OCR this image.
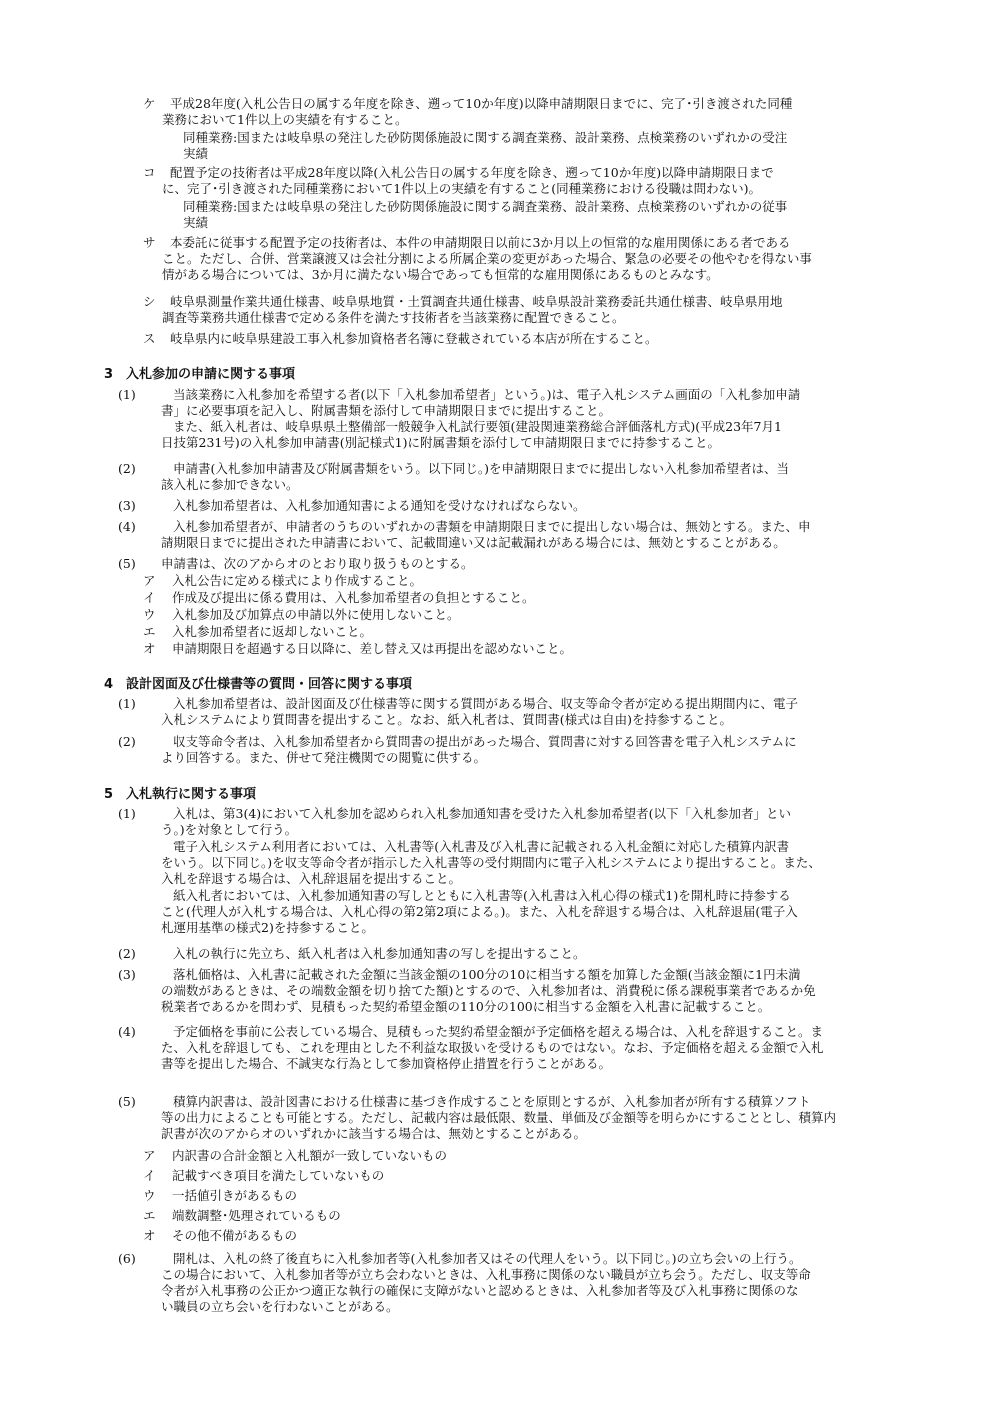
ケ 平成28年度(入札公告日の属する年度を除き、遡って10か年度)以降申請期限日までに、完了･引き渡された同種
業務において1件以上の実績を有すること。
同種業務:国または岐阜県の発注した砂防関係施設に関する調査業務、設計業務、点検業務のいずれかの受注
実績
コ 配置予定の技術者は平成28年度以降(入札公告日の属する年度を除き、遡って10か年度)以降申請期限日まで
に、完了･引き渡された同種業務において1件以上の実績を有すること(同種業務における役職は問わない)。
同種業務:国または岐阜県の発注した砂防関係施設に関する調査業務、設計業務、点検業務のいずれかの従事
実績
サ 本委託に従事する配置予定の技術者は、本件の申請期限日以前に3か月以上の恒常的な雇用関係にある者である
こと。ただし、合併、営業譲渡又は会社分割による所属企業の変更があった場合、緊急の必要その他やむを得ない事
情がある場合については、3か月に満たない場合であっても恒常的な雇用関係にあるものとみなす。
シ 岐阜県測量作業共通仕様書、岐阜県地質・土質調査共通仕様書、岐阜県設計業務委託共通仕様書、岐阜県用地
調査等業務共通仕様書で定める条件を満たす技術者を当該業務に配置できること。
ス 岐阜県内に岐阜県建設工事入札参加資格者名簿に登載されている本店が所在すること。
3　入札参加の申請に関する事項
(1)	当該業務に入札参加を希望する者(以下「入札参加希望者」という。)は、電子入札システム画面の「入札参加申請
書」に必要事項を記入し、附属書類を添付して申請期限日までに提出すること。
また、紙入札者は、岐阜県県土整備部一般競争入札試行要領(建設関連業務総合評価落札方式)(平成23年7月1
日技第231号)の入札参加申請書(別記様式1)に附属書類を添付して申請期限日までに持参すること。
(2)	申請書(入札参加申請書及び附属書類をいう。以下同じ。)を申請期限日までに提出しない入札参加希望者は、当
該入札に参加できない。
(3)	入札参加希望者は、入札参加通知書による通知を受けなければならない。
(4)	入札参加希望者が、申請者のうちのいずれかの書類を申請期限日までに提出しない場合は、無効とする。また、申
請期限日までに提出された申請書において、記載間違い又は記載漏れがある場合には、無効とすることがある。
(5) 申請書は、次のアからオのとおり取り扱うものとする。
ア 入札公告に定める様式により作成すること。
イ 作成及び提出に係る費用は、入札参加希望者の負担とすること。
ウ 入札参加及び加算点の申請以外に使用しないこと。
エ 入札参加希望者に返却しないこと。
オ 申請期限日を超過する日以降に、差し替え又は再提出を認めないこと。
4　設計図面及び仕様書等の質問・回答に関する事項
(1)	入札参加希望者は、設計図面及び仕様書等に関する質問がある場合、収支等命令者が定める提出期間内に、電子
入札システムにより質問書を提出すること。なお、紙入札者は、質問書(様式は自由)を持参すること。
(2)	収支等命令者は、入札参加希望者から質問書の提出があった場合、質問書に対する回答書を電子入札システムに
より回答する。また、併せて発注機関での閲覧に供する。
5　入札執行に関する事項
(1)	入札は、第3(4)において入札参加を認められ入札参加通知書を受けた入札参加希望者(以下「入札参加者」とい
う。)を対象として行う。
電子入札システム利用者においては、入札書等(入札書及び入札書に記載される入札金額に対応した積算内訳書
をいう。以下同じ。)を収支等命令者が指示した入札書等の受付期間内に電子入札システムにより提出すること。また、
入札を辞退する場合は、入札辞退届を提出すること。
紙入札者においては、入札参加通知書の写しとともに入札書等(入札書は入札心得の様式1)を開札時に持参する
こと(代理人が入札する場合は、入札心得の第2第2項による。)。また、入札を辞退する場合は、入札辞退届(電子入
札運用基準の様式2)を持参すること。
(2)	入札の執行に先立ち、紙入札者は入札参加通知書の写しを提出すること。
(3)	落札価格は、入札書に記載された金額に当該金額の100分の10に相当する額を加算した金額(当該金額に1円未満
の端数があるときは、その端数金額を切り捨てた額)とするので、入札参加者は、消費税に係る課税事業者であるか免
税業者であるかを問わず、見積もった契約希望金額の110分の100に相当する金額を入札書に記載すること。
(4)	予定価格を事前に公表している場合、見積もった契約希望金額が予定価格を超える場合は、入札を辞退すること。ま
た、入札を辞退しても、これを理由とした不利益な取扱いを受けるものではない。なお、予定価格を超える金額で入札
書等を提出した場合、不誠実な行為として参加資格停止措置を行うことがある。
(5)	積算内訳書は、設計図書における仕様書に基づき作成することを原則とするが、入札参加者が所有する積算ソフト
等の出力によることも可能とする。ただし、記載内容は最低限、数量、単価及び金額等を明らかにすることとし、積算内
訳書が次のアからオのいずれかに該当する場合は、無効とすることがある。
ア 内訳書の合計金額と入札額が一致していないもの
イ 記載すべき項目を満たしていないもの
ウ 一括値引きがあるもの
エ 端数調整･処理されているもの
オ その他不備があるもの
(6)	開札は、入札の終了後直ちに入札参加者等(入札参加者又はその代理人をいう。以下同じ。)の立ち会いの上行う。
この場合において、入札参加者等が立ち会わないときは、入札事務に関係のない職員が立ち会う。ただし、収支等命
令者が入札事務の公正かつ適正な執行の確保に支障がないと認めるときは、入札参加者等及び入札事務に関係のな
い職員の立ち会いを行わないことがある。
